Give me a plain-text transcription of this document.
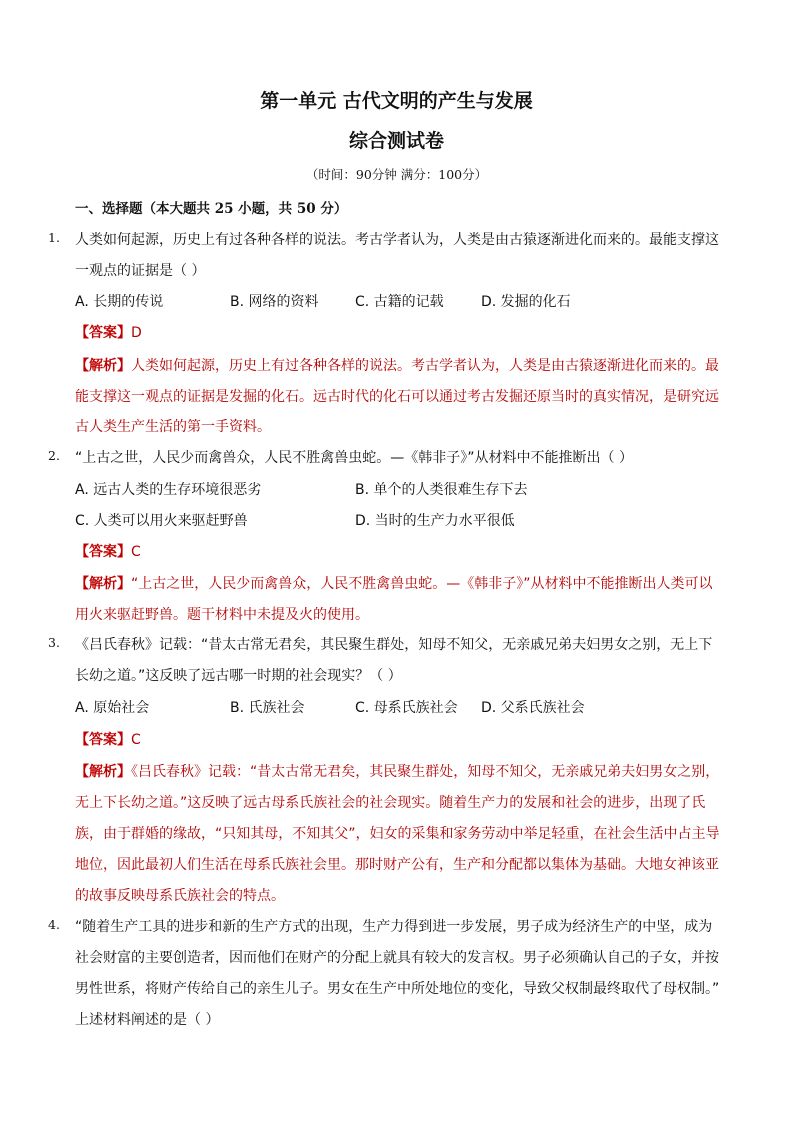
第一单元 古代文明的产生与发展
综合测试卷
（时间：90分钟 满分：100分）
一、选择题（本大题共 25 小题，共 50 分）
1. 人类如何起源，历史上有过各种各样的说法。考古学者认为，人类是由古猿逐渐进化而来的。最能支撑这
一观点的证据是（ ）
A. 长期的传说	B. 网络的资料	C. 古籍的记载	D. 发掘的化石
【答案】D
【解析】人类如何起源，历史上有过各种各样的说法。考古学者认为，人类是由古猿逐渐进化而来的。最
能支撑这一观点的证据是发掘的化石。远古时代的化石可以通过考古发掘还原当时的真实情况，是研究远
古人类生产生活的第一手资料。
2. “上古之世，人民少而禽兽众，人民不胜禽兽虫蛇。—《韩非子》”从材料中不能推断出（ ）
A. 远古人类的生存环境很恶劣	B. 单个的人类很难生存下去
C. 人类可以用火来驱赶野兽	D. 当时的生产力水平很低
【答案】C
【解析】“上古之世，人民少而禽兽众，人民不胜禽兽虫蛇。—《韩非子》”从材料中不能推断出人类可以
用火来驱赶野兽。题干材料中未提及火的使用。
3. 《吕氏春秋》记载：“昔太古常无君矣，其民聚生群处，知母不知父，无亲戚兄弟夫妇男女之别，无上下
长幼之道。”这反映了远古哪一时期的社会现实？（ ）
A. 原始社会	B. 氏族社会	C. 母系氏族社会 D. 父系氏族社会
【答案】C
【解析】《吕氏春秋》记载：“昔太古常无君矣，其民聚生群处，知母不知父，无亲戚兄弟夫妇男女之别，
无上下长幼之道。”这反映了远古母系氏族社会的社会现实。随着生产力的发展和社会的进步，出现了氏
族，由于群婚的缘故，“只知其母，不知其父”，妇女的采集和家务劳动中举足轻重，在社会生活中占主导
地位，因此最初人们生活在母系氏族社会里。那时财产公有，生产和分配都以集体为基础。大地女神该亚
的故事反映母系氏族社会的特点。
4. “随着生产工具的进步和新的生产方式的出现，生产力得到进一步发展，男子成为经济生产的中坚，成为
社会财富的主要创造者，因而他们在财产的分配上就具有较大的发言权。男子必须确认自己的子女，并按
男性世系，将财产传给自己的亲生儿子。男女在生产中所处地位的变化，导致父权制最终取代了母权制。”
上述材料阐述的是（ ）
